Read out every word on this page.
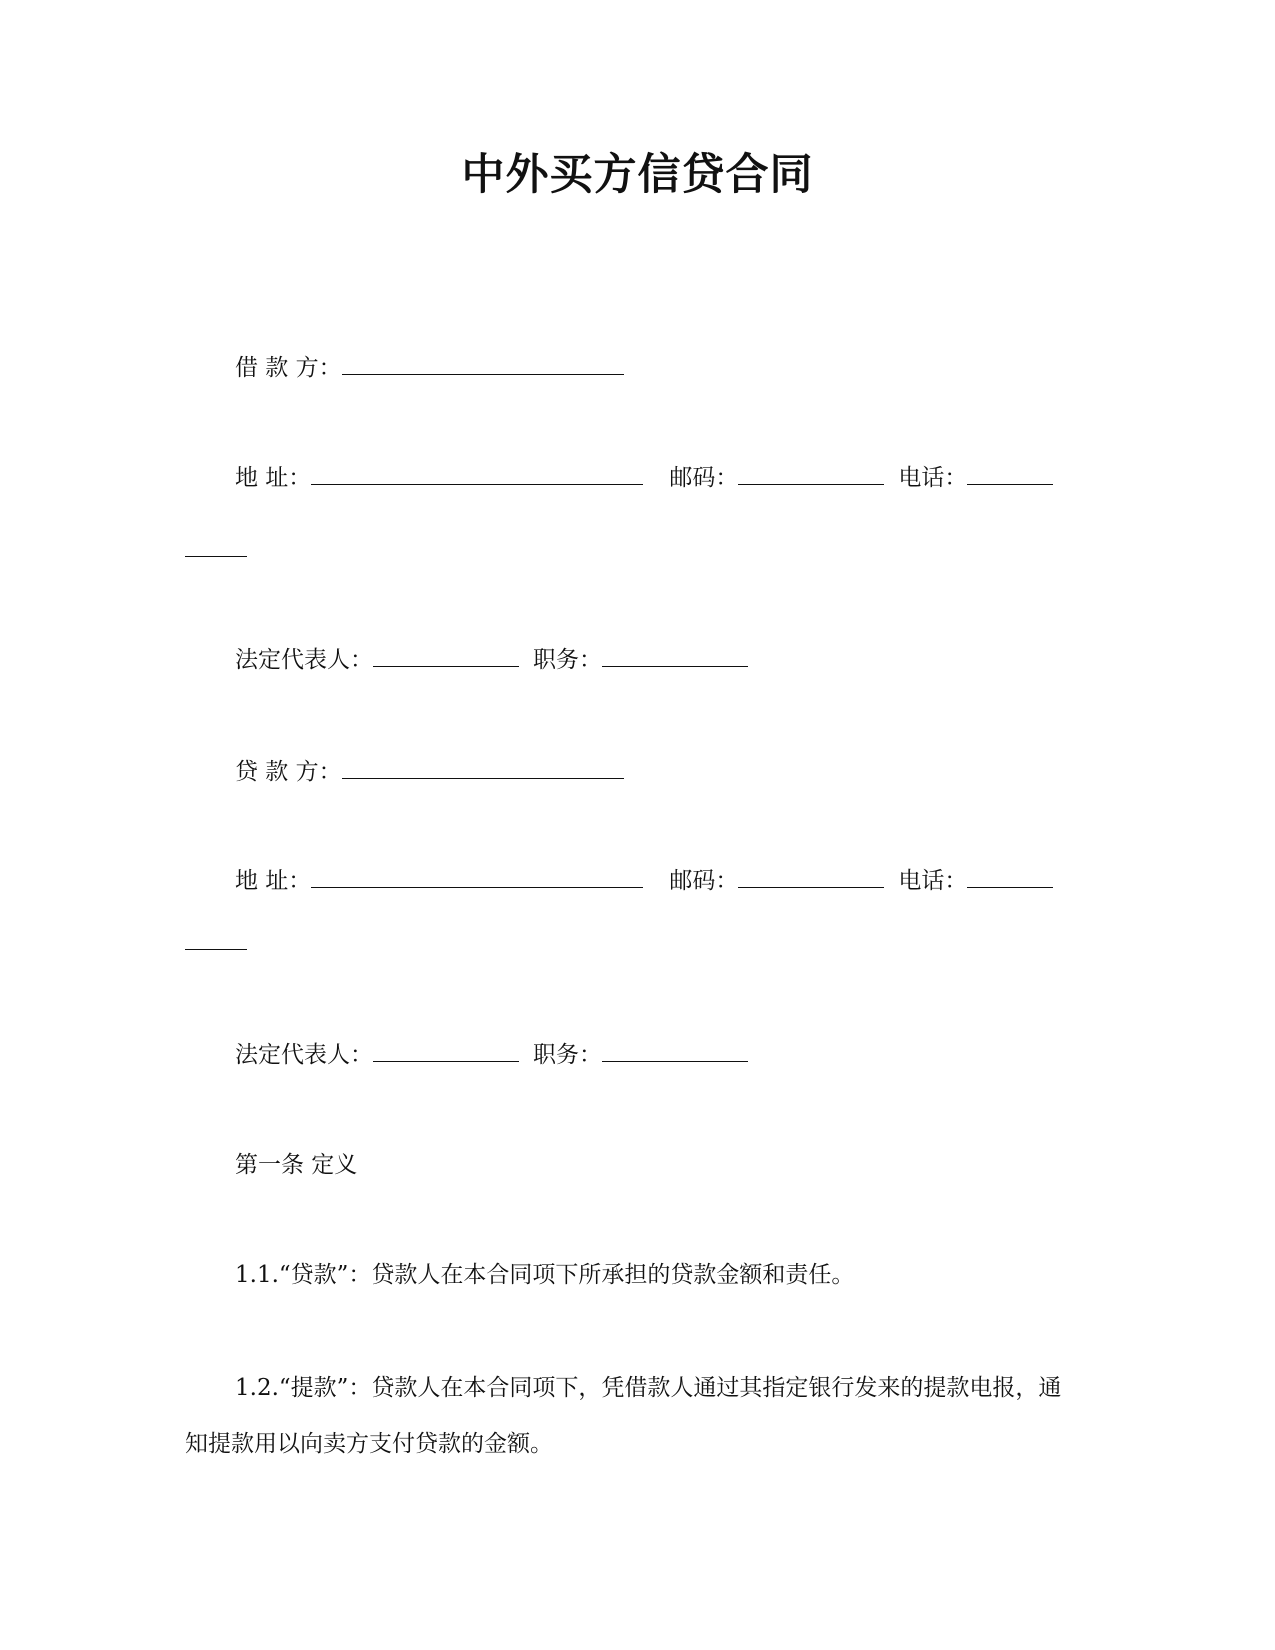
中外买方信贷合同
借 款 方：
地 址：	邮码：	电话：
法定代表人：	职务：
贷 款 方：
地 址：	邮码：	电话：
法定代表人：	职务：
第一条 定义
1.1.“贷款”：贷款人在本合同项下所承担的贷款金额和责任。
1.2.“提款”：贷款人在本合同项下，凭借款人通过其指定银行发来的提款电报，通知提款用以向卖方支付贷款的金额。
